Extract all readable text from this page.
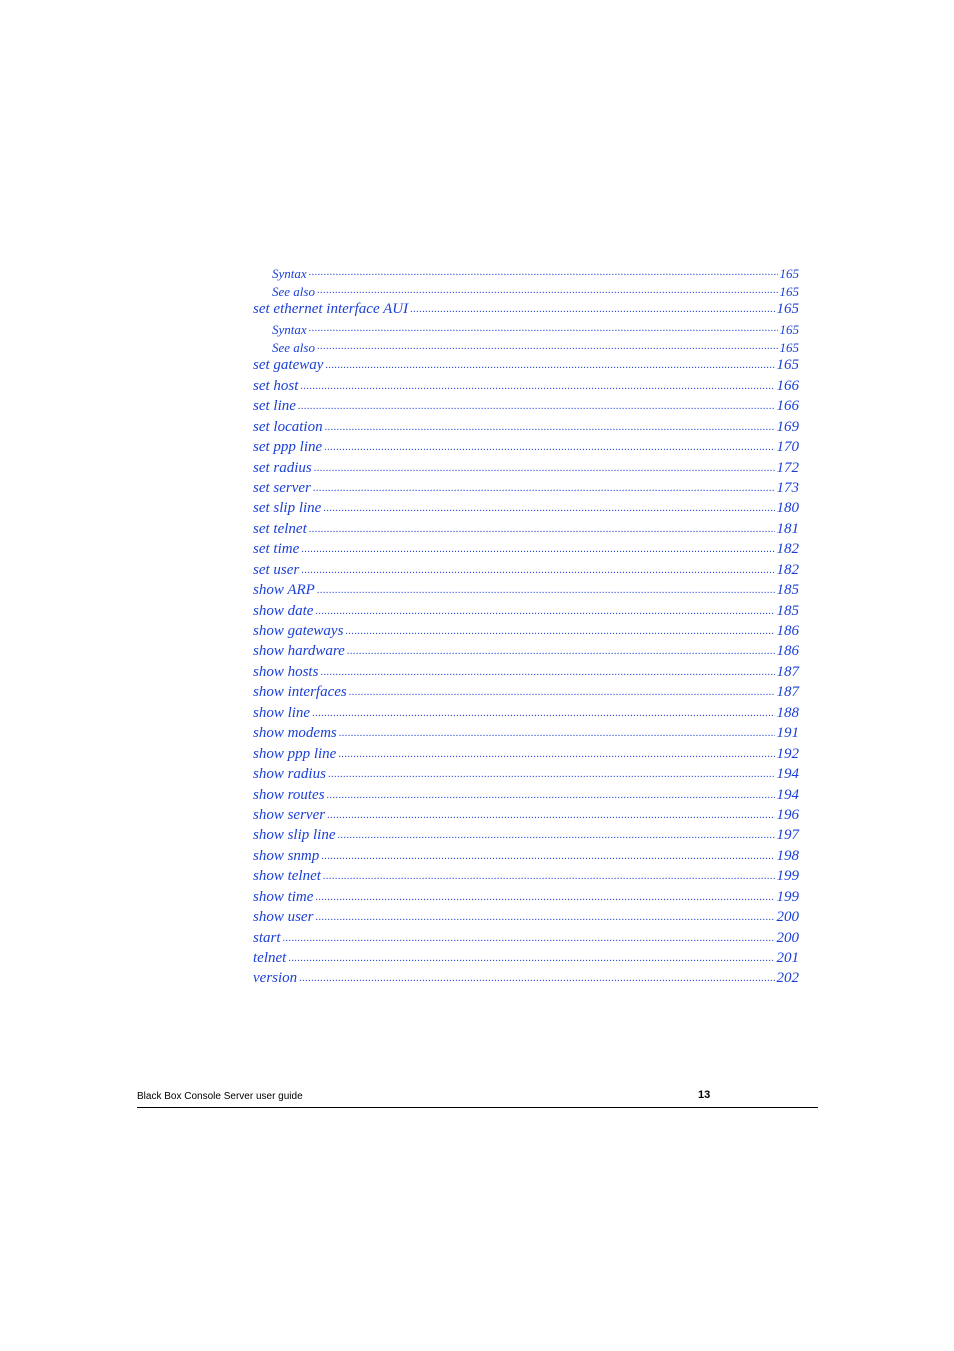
Syntax .....	165
See also .....	165
set ethernet interface AUI .....	165
Syntax .....	165
See also .....	165
set gateway .....	165
set host .....	166
set line .....	166
set location .....	169
set ppp line .....	170
set radius .....	172
set server .....	173
set slip line .....	180
set telnet .....	181
set time .....	182
set user .....	182
show ARP .....	185
show date .....	185
show gateways .....	186
show hardware .....	186
show hosts .....	187
show interfaces .....	187
show line .....	188
show modems .....	191
show ppp line .....	192
show radius .....	194
show routes .....	194
show server .....	196
show slip line .....	197
show snmp .....	198
show telnet .....	199
show time .....	199
show user .....	200
start .....	200
telnet .....	201
version .....	202
Black Box Console Server user guide	13
